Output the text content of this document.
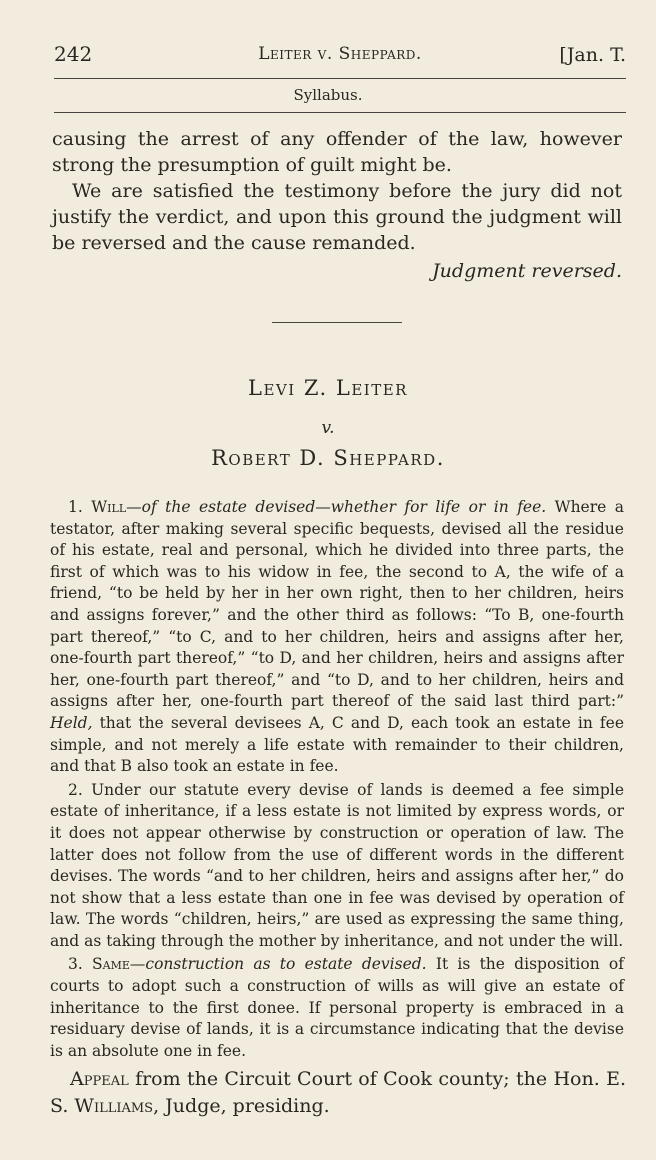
242	Leiter v. Sheppard.	[Jan. T.
Syllabus.

causing the arrest of any offender of the law, however strong the presumption of guilt might be.

We are satisfied the testimony before the jury did not justify the verdict, and upon this ground the judgment will be reversed and the cause remanded.

Judgment reversed.

Levi Z. Leiter
v.
Robert D. Sheppard.

1. Will—of the estate devised—whether for life or in fee. Where a testator, after making several specific bequests, devised all the residue of his estate, real and personal, which he divided into three parts, the first of which was to his widow in fee, the second to A, the wife of a friend, “to be held by her in her own right, then to her children, heirs and assigns forever,” and the other third as follows: “To B, one-fourth part thereof,” “to C, and to her children, heirs and assigns after her, one-fourth part thereof,” “to D, and her children, heirs and assigns after her, one-fourth part thereof,” and “to D, and to her children, heirs and assigns after her, one-fourth part thereof of the said last third part:” Held, that the several devisees A, C and D, each took an estate in fee simple, and not merely a life estate with remainder to their children, and that B also took an estate in fee.

2. Under our statute every devise of lands is deemed a fee simple estate of inheritance, if a less estate is not limited by express words, or it does not appear otherwise by construction or operation of law. The latter does not follow from the use of different words in the different devises. The words “and to her children, heirs and assigns after her,” do not show that a less estate than one in fee was devised by operation of law. The words “children, heirs,” are used as expressing the same thing, and as taking through the mother by inheritance, and not under the will.

3. Same—construction as to estate devised. It is the disposition of courts to adopt such a construction of wills as will give an estate of inheritance to the first donee. If personal property is embraced in a residuary devise of lands, it is a circumstance indicating that the devise is an absolute one in fee.

Appeal from the Circuit Court of Cook county; the Hon. E. S. Williams, Judge, presiding.
